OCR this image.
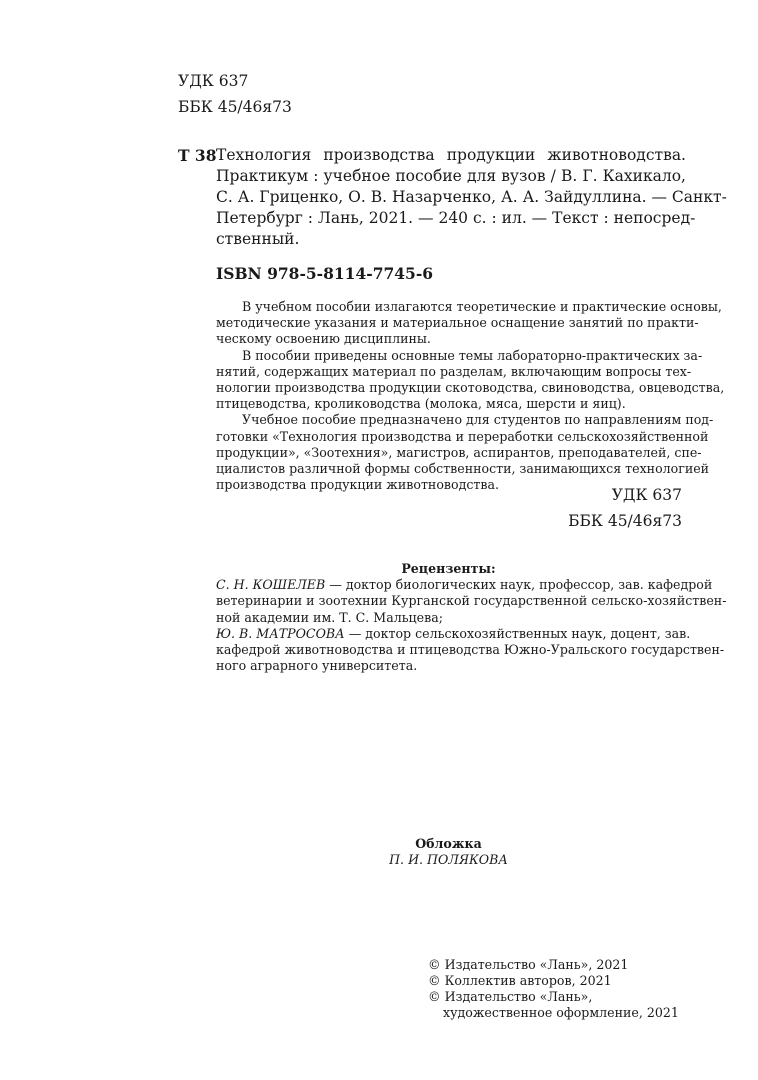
УДК 637
ББК 45/46я73
Т 38 Технология производства продукции животноводства.
Практикум : учебное пособие для вузов / В. Г. Кахикало,
С. А. Гриценко, О. В. Назарченко, А. А. Зайдуллина. — Санкт-
Петербург : Лань, 2021. — 240 с. : ил. — Текст : непосред-
ственный.
ISBN 978-5-8114-7745-6
В учебном пособии излагаются теоретические и практические основы,
методические указания и материальное оснащение занятий по практи-
ческому освоению дисциплины.
В пособии приведены основные темы лабораторно-практических за-
нятий, содержащих материал по разделам, включающим вопросы тех-
нологии производства продукции скотоводства, свиноводства, овцеводства,
птицеводства, кролиководства (молока, мяса, шерсти и яиц).
Учебное пособие предназначено для студентов по направлениям под-
готовки «Технология производства и переработки сельскохозяйственной
продукции», «Зоотехния», магистров, аспирантов, преподавателей, спе-
циалистов различной формы собственности, занимающихся технологией
производства продукции животноводства.
УДК 637
ББК 45/46я73
Рецензенты:
С. Н. КОШЕЛЕВ — доктор биологических наук, профессор, зав. кафедрой
ветеринарии и зоотехнии Курганской государственной сельско-хозяйствен-
ной академии им. Т. С. Мальцева;
Ю. В. МАТРОСОВА — доктор сельскохозяйственных наук, доцент, зав.
кафедрой животноводства и птицеводства Южно-Уральского государствен-
ного аграрного университета.
Обложка
П. И. ПОЛЯКОВА
© Издательство «Лань», 2021
© Коллектив авторов, 2021
© Издательство «Лань»,
художественное оформление, 2021
